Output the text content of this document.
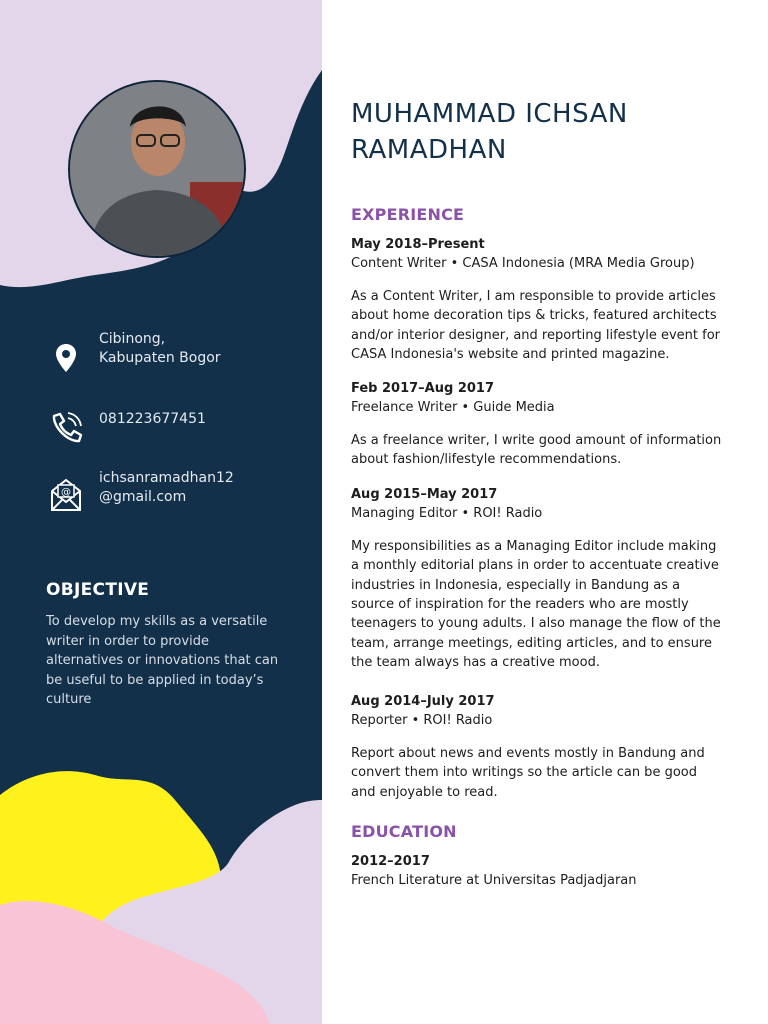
Cibinong,
Kabupaten Bogor
081223677451
@
ichsanramadhan12
@gmail.com
OBJECTIVE
To develop my skills as a versatile writer in order to provide alternatives or innovations that can be useful to be applied in today’s culture
MUHAMMAD ICHSAN RAMADHAN
EXPERIENCE
May 2018–Present
Content Writer • CASA Indonesia (MRA Media Group)
As a Content Writer, I am responsible to provide articles about home decoration tips & tricks, featured architects and/or interior designer, and reporting lifestyle event for CASA Indonesia's website and printed magazine.
Feb 2017–Aug 2017
Freelance Writer • Guide Media
As a freelance writer, I write good amount of information about fashion/lifestyle recommendations.
Aug 2015–May 2017
Managing Editor • ROI! Radio
My responsibilities as a Managing Editor include making a monthly editorial plans in order to accentuate creative industries in Indonesia, especially in Bandung as a source of inspiration for the readers who are mostly teenagers to young adults. I also manage the flow of the team, arrange meetings, editing articles, and to ensure the team always has a creative mood.
Aug 2014–July 2017
Reporter • ROI! Radio
Report about news and events mostly in Bandung and convert them into writings so the article can be good and enjoyable to read.
EDUCATION
2012–2017
French Literature at Universitas Padjadjaran
